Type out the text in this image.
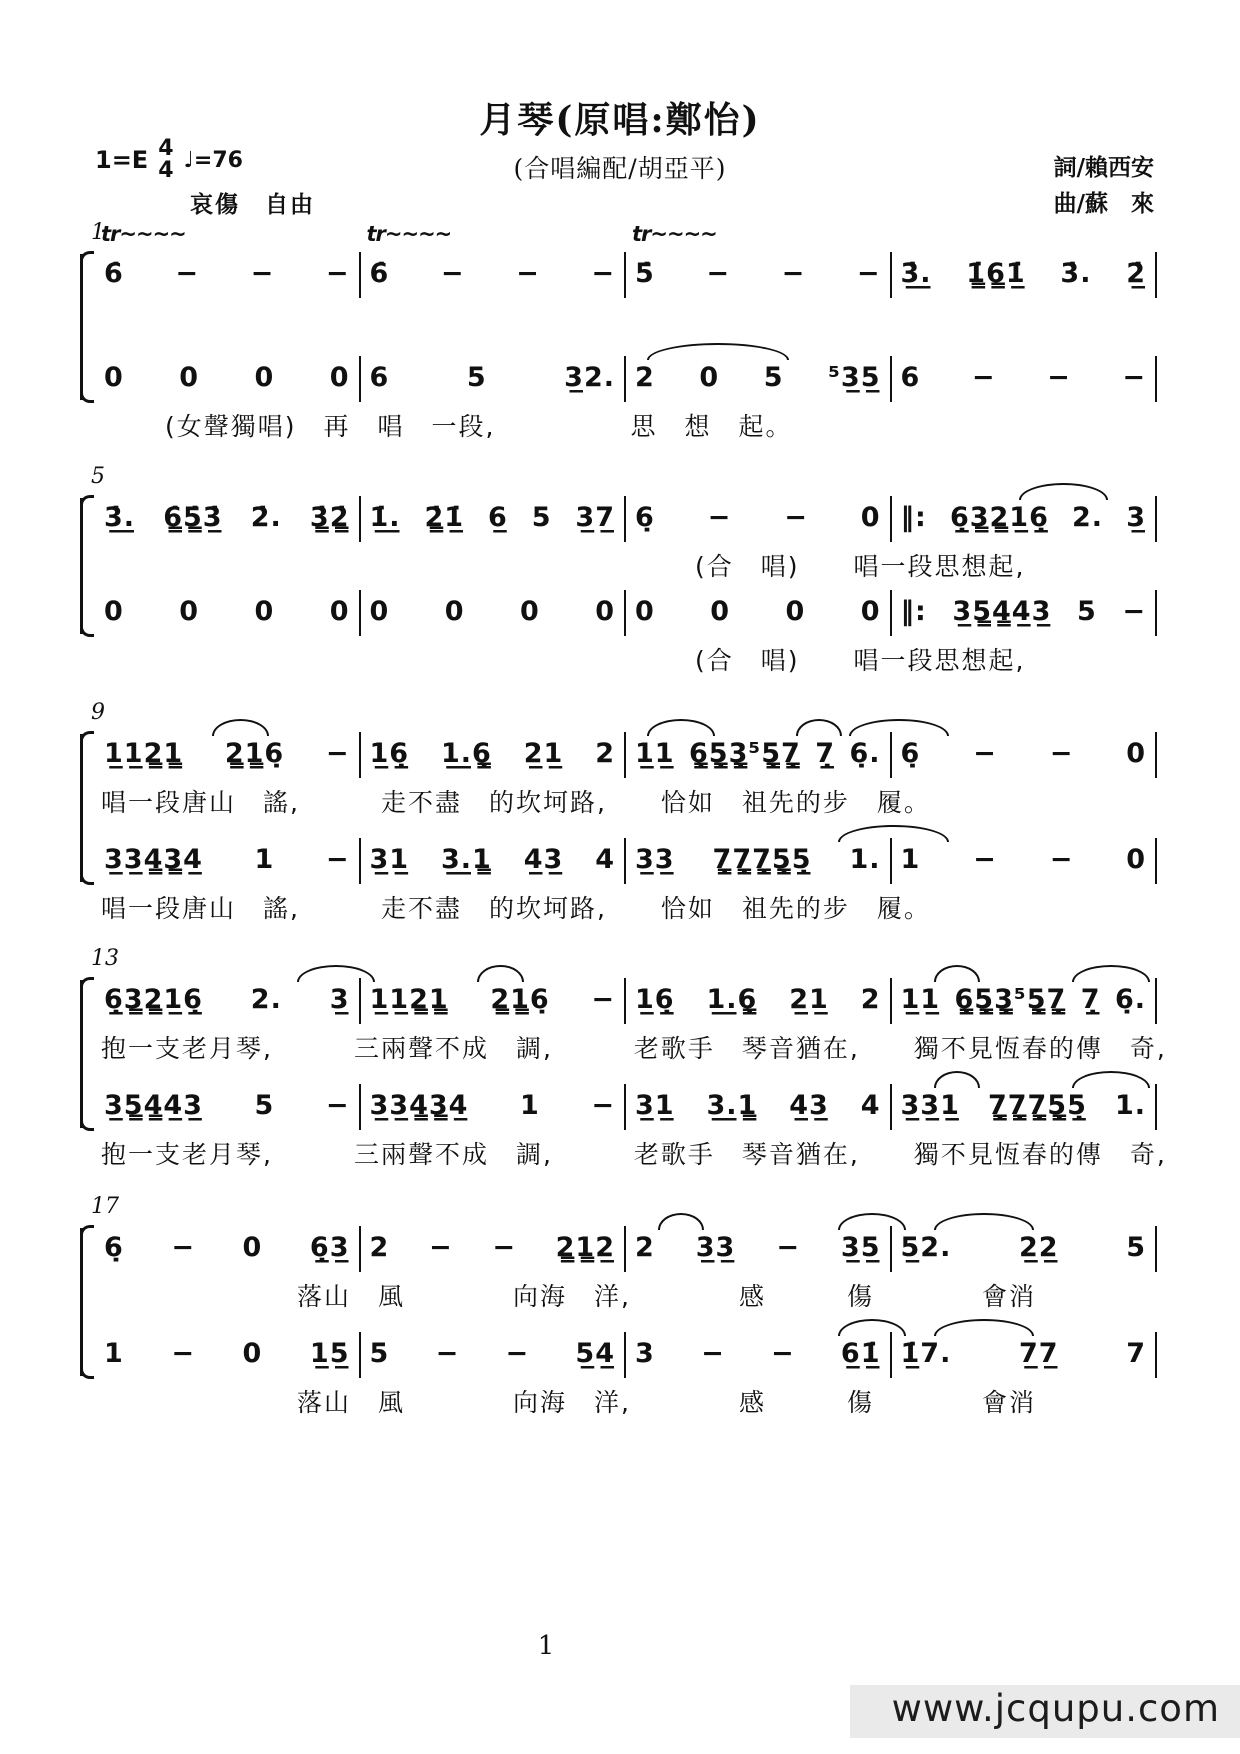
月琴(原唱:鄭怡)
(合唱編配/胡亞平)
1=E 4
4 ♩=76
哀傷　自由
詞/賴西安
曲/蘇　來
1
tr~~~~	tr~~~~	tr~~~~
6̇ − − − 6̇ − − − 5̇ − − − 3̲̇.̲ 1̳̇6̳1̲̇ 3̇. 2̲̇
0 0 0 0 6 5 3̲2. 2 0 5 ⁵3̲5̲ 6 − − −
(女聲獨唱)　再　唱　一段,　　　　　思　想　起。
5
3̲̇.̲ 6̳̇5̳̇3̲̇ 2̇. 3̳̇2̳̇ 1̲̇.̲ 2̳̇1̲̇ 6̲ 5 3̲7̲ 6̣ − − 0 ‖: 6̣̲3̳2̳1̲6̣̲ 2. 3̲
(合　唱)　　唱一段思想起,
0 0 0 0 0 0 0 0 0 0 0 0 ‖: 3̲5̳4̳4̲3̲ 5 −
(合　唱)　　唱一段思想起,
9
1̲1̲2̳1̳ 2̳1̳6̣ − 1̲6̣̲ 1̲.̲6̣̳ 2̲1̲ 2 1̲1̲ 6̣̳5̣̳3̣̳⁵5̣̳7̣̳ 7̣̲ 6̣. 6̣ − − 0
唱一段唐山　謠,　　　走不盡　的坎坷路,　　恰如　祖先的步　履。
3̲3̲4̳3̳4̲ 1 − 3̲1̲ 3̲.̲1̳ 4̲3̲ 4 3̲3̲ 7̣̳7̣̳7̣̳5̣̳5̣̲ 1. 1 − − 0
唱一段唐山　謠,　　　走不盡　的坎坷路,　　恰如　祖先的步　履。
13
6̣̲3̳2̳1̲6̣̲ 2. 3̲ 1̲1̲2̳1̳ 2̳1̳6̣ − 1̲6̣̲ 1̲.̲6̣̳ 2̲1̲ 2 1̲1̲ 6̣̳5̣̳3̣̳⁵5̣̳7̣̳ 7̣̲ 6̣.
抱一支老月琴,　　　三兩聲不成　調,　　　老歌手　琴音猶在,　　獨不見恆春的傳　奇,
3̲5̳4̳4̲3̲ 5 − 3̲3̲4̳3̳4̲ 1 − 3̲1̲ 3̲.̲1̳ 4̲3̲ 4 3̲3̲1̲ 7̣̳7̣̳7̣̳5̣̳5̣̲ 1.
抱一支老月琴,　　　三兩聲不成　調,　　　老歌手　琴音猶在,　　獨不見恆春的傳　奇,
17
6̣ − 0 6̣̲3̲ 2 − − 2̳1̳2̲ 2 3̲3̲ − 3̲5̲ 5̲2. 2̲2̲ 5
落山　風　　　　向海　洋,　　　　感　　　傷　　　　會消
1 − 0 1̲5̲ 5 − − 5̲4̲ 3 − − 6̲1̲̇ 1̲̇7. 7̲7̲ 7
落山　風　　　　向海　洋,　　　　感　　　傷　　　　會消
1
www.jcqupu.com
